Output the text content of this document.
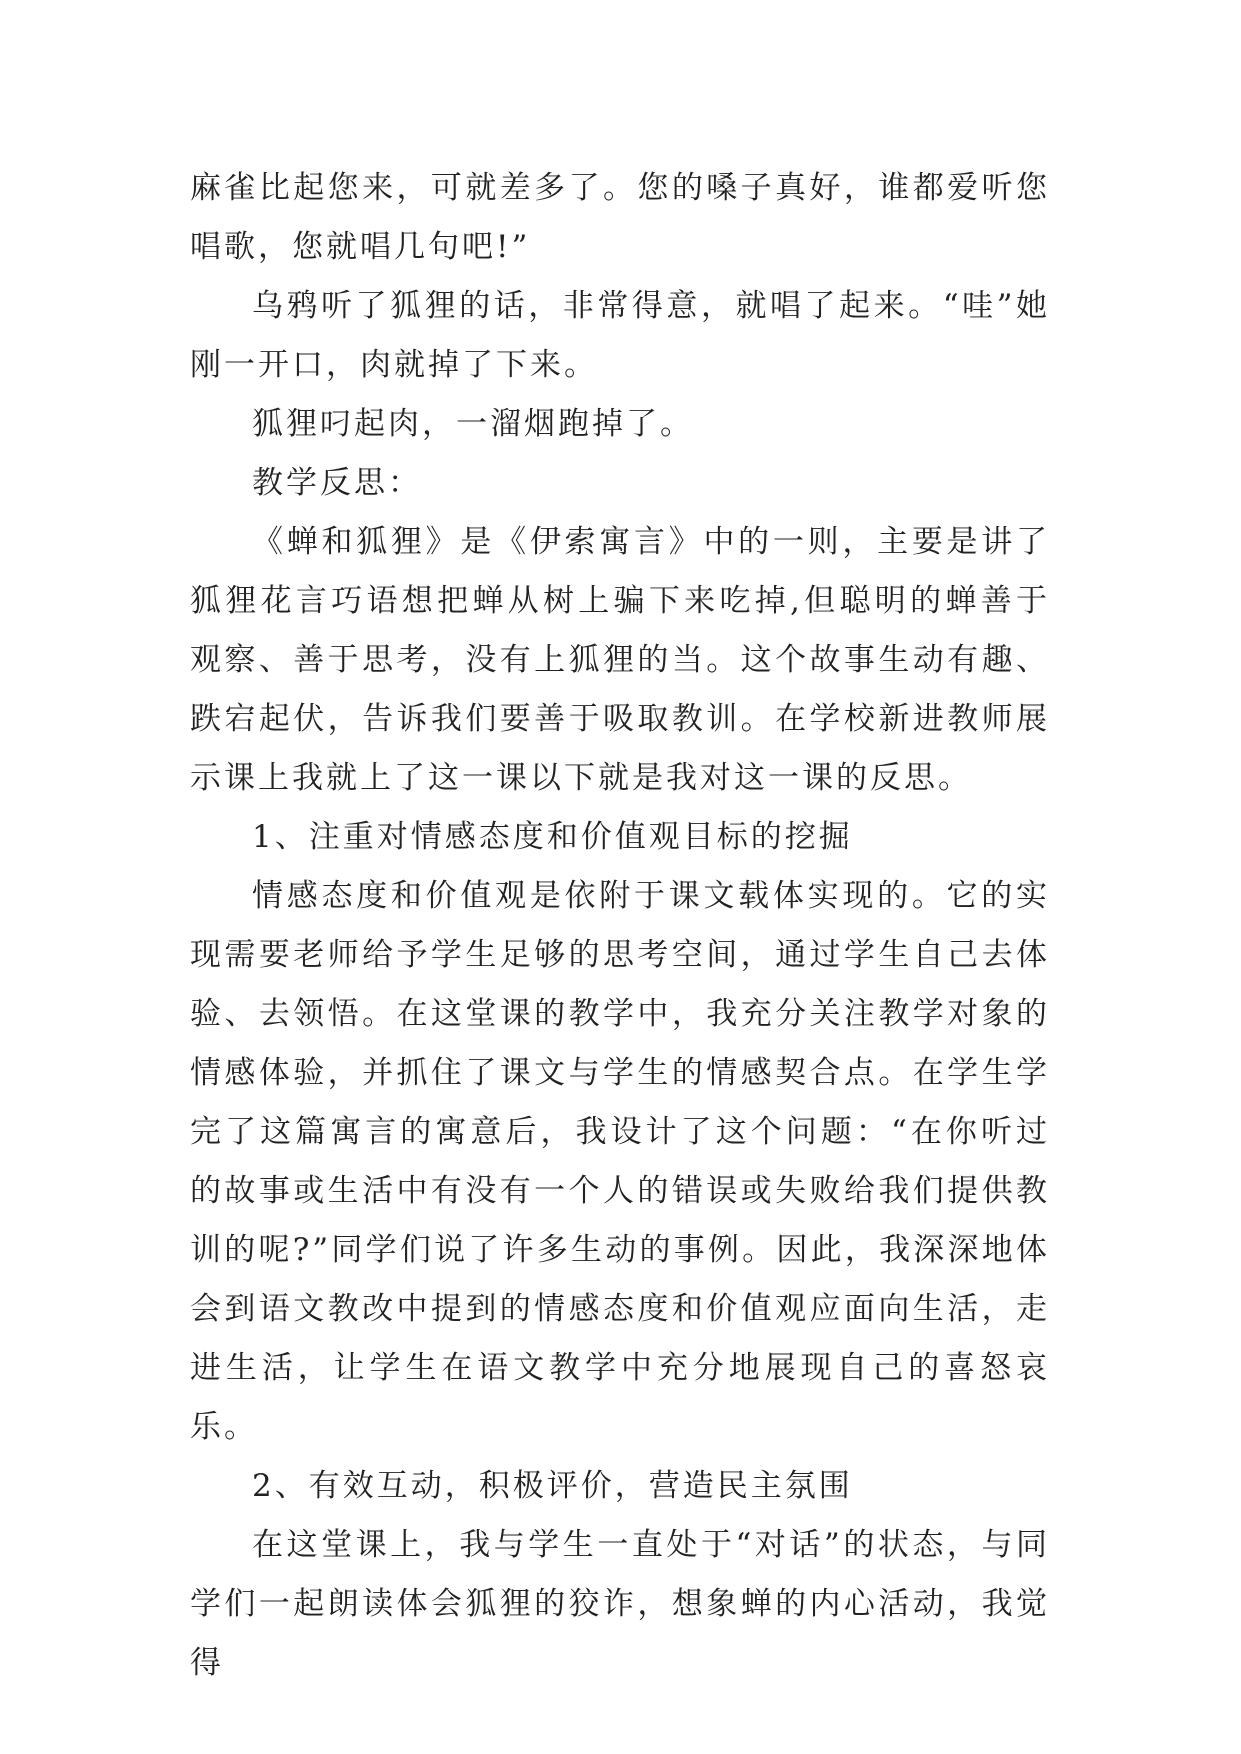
麻雀比起您来，可就差多了。您的嗓子真好，谁都爱听您唱歌，您就唱几句吧!”

乌鸦听了狐狸的话，非常得意，就唱了起来。“哇”她刚一开口，肉就掉了下来。

狐狸叼起肉，一溜烟跑掉了。

教学反思：

《蝉和狐狸》是《伊索寓言》中的一则，主要是讲了狐狸花言巧语想把蝉从树上骗下来吃掉,但聪明的蝉善于观察、善于思考，没有上狐狸的当。这个故事生动有趣、跌宕起伏，告诉我们要善于吸取教训。在学校新进教师展示课上我就上了这一课以下就是我对这一课的反思。

1、注重对情感态度和价值观目标的挖掘

情感态度和价值观是依附于课文载体实现的。它的实现需要老师给予学生足够的思考空间，通过学生自己去体验、去领悟。在这堂课的教学中，我充分关注教学对象的情感体验，并抓住了课文与学生的情感契合点。在学生学完了这篇寓言的寓意后，我设计了这个问题：“在你听过的故事或生活中有没有一个人的错误或失败给我们提供教训的呢?”同学们说了许多生动的事例。因此，我深深地体会到语文教改中提到的情感态度和价值观应面向生活，走进生活，让学生在语文教学中充分地展现自己的喜怒哀乐。

2、有效互动，积极评价，营造民主氛围

在这堂课上，我与学生一直处于“对话”的状态，与同学们一起朗读体会狐狸的狡诈，想象蝉的内心活动，我觉得
